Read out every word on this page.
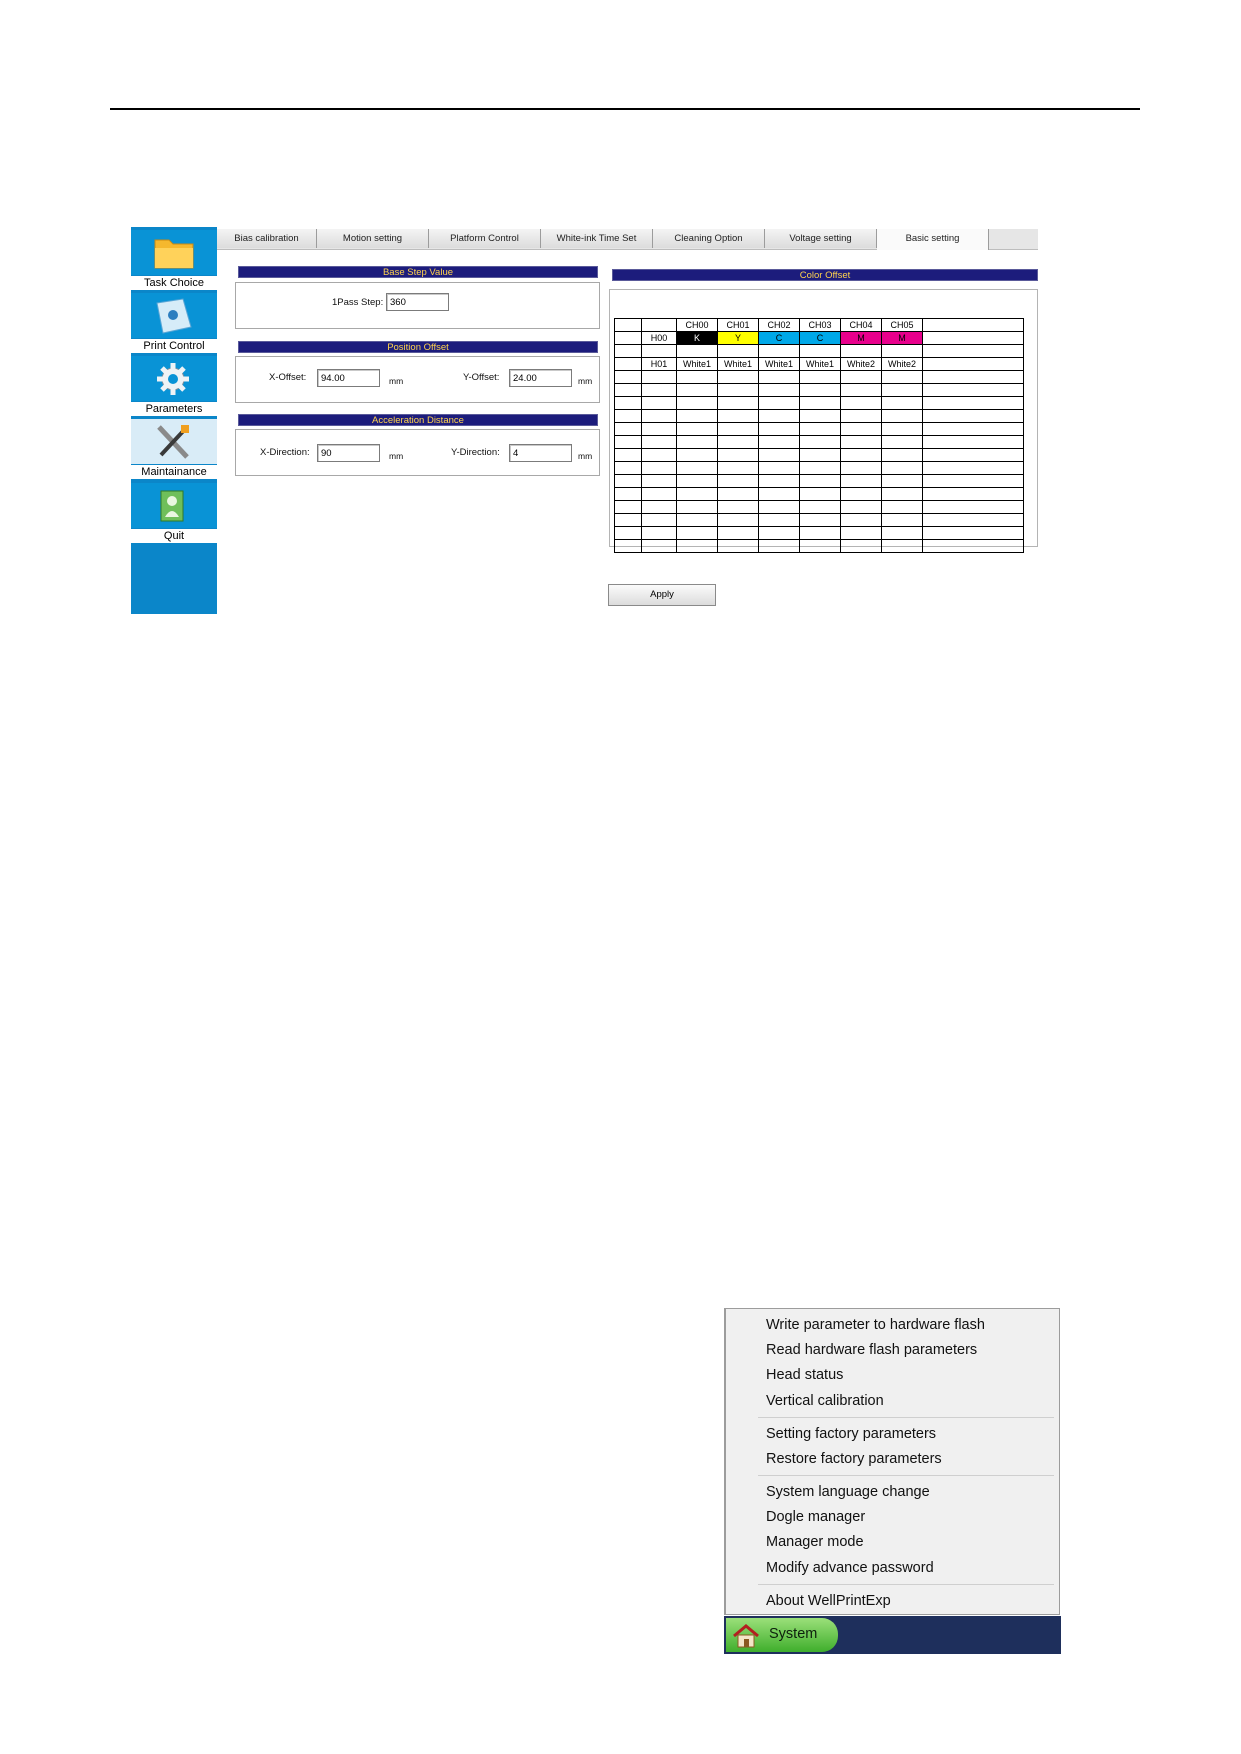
Task Choice
Print Control
Parameters
Maintainance
Quit
Bias calibration	Motion setting	Platform Control	White-ink Time Set	Cleaning Option	Voltage setting	Basic setting
Base Step Value
1Pass Step:
360
Position Offset
X-Offset:
94.00	mm	Y-Offset:
24.00	mm
Acceleration Distance
X-Direction:
90	mm	Y-Direction:
4	mm
Color Offset
		CH00	CH01	CH02	CH03	CH04	CH05	
	H00	K	Y	C	C	M	M	

	H01	White1	White1	White1	White1	White2	White2	

Apply
Write parameter to hardware flash
Read hardware flash parameters
Head status
Vertical calibration
Setting factory parameters
Restore factory parameters
System language change
Dogle manager
Manager mode
Modify advance password
About WellPrintExp
System
